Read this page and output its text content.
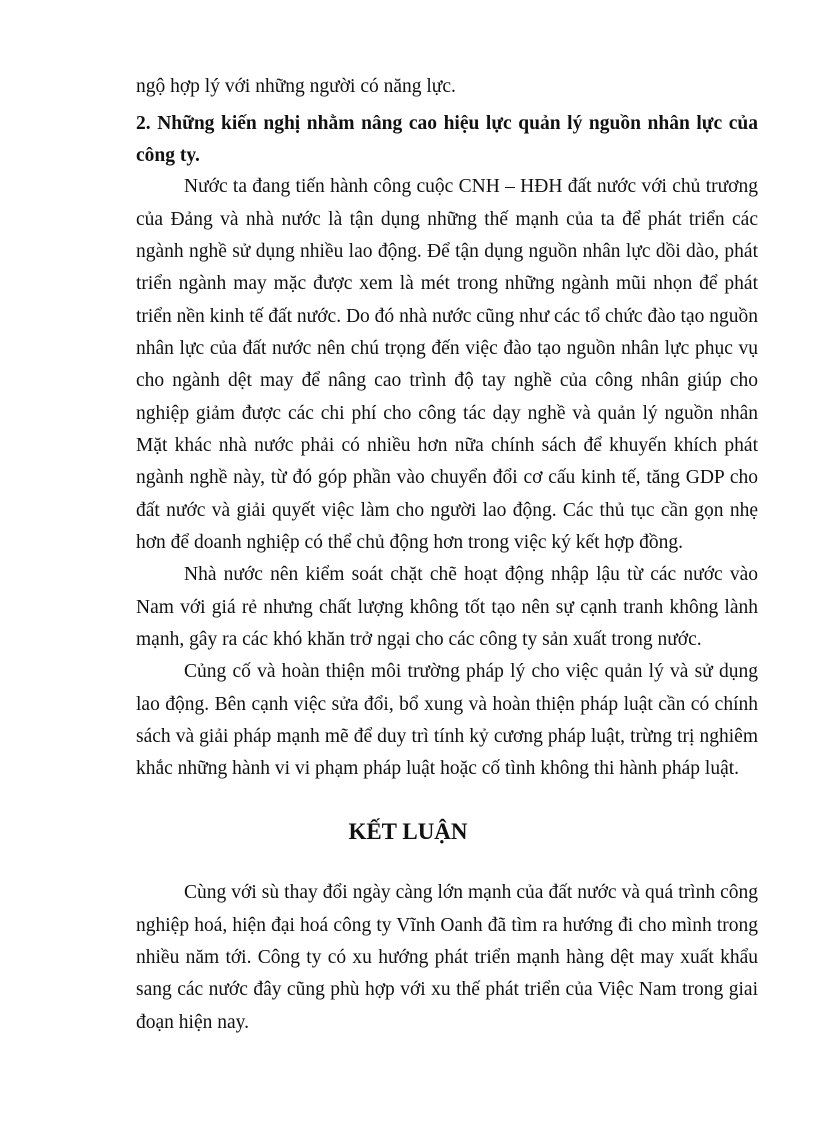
ngộ hợp lý với những người có năng lực.
2. Những kiến nghị nhằm nâng cao hiệu lực quản lý nguồn nhân lực của
công ty.
Nước ta đang tiến hành công cuộc CNH – HĐH đất nước với chủ trương
của Đảng và nhà nước là tận dụng những thế mạnh của ta để phát triển các
ngành nghề sử dụng nhiều lao động. Để tận dụng nguồn nhân lực dồi dào, phát
triển ngành may mặc được xem là mét trong những ngành mũi nhọn để phát
triển nền kinh tế đất nước. Do đó nhà nước cũng như các tổ chức đào tạo nguồn
nhân lực của đất nước nên chú trọng đến việc đào tạo nguồn nhân lực phục vụ
cho ngành dệt may để nâng cao trình độ tay nghề của công nhân giúp cho
nghiệp giảm được các chi phí cho công tác dạy nghề và quản lý nguồn nhân
Mặt khác nhà nước phải có nhiều hơn nữa chính sách để khuyến khích phát
ngành nghề này, từ đó góp phần vào chuyển đổi cơ cấu kinh tế, tăng GDP cho
đất nước và giải quyết việc làm cho người lao động. Các thủ tục cần gọn nhẹ
hơn để doanh nghiệp có thể chủ động hơn trong việc ký kết hợp đồng.
Nhà nước nên kiểm soát chặt chẽ hoạt động nhập lậu từ các nước vào
Nam với giá rẻ nhưng chất lượng không tốt tạo nên sự cạnh tranh không lành
mạnh, gây ra các khó khăn trở ngại cho các công ty sản xuất trong nước.
Củng cố và hoàn thiện môi trường pháp lý cho việc quản lý và sử dụng
lao động. Bên cạnh việc sửa đổi, bổ xung và hoàn thiện pháp luật cần có chính
sách và giải pháp mạnh mẽ để duy trì tính kỷ cương pháp luật, trừng trị nghiêm
khắc những hành vi vi phạm pháp luật hoặc cố tình không thi hành pháp luật.
KẾT LUẬN
Cùng với sù thay đổi ngày càng lớn mạnh của đất nước và quá trình công
nghiệp hoá, hiện đại hoá công ty Vĩnh Oanh đã tìm ra hướng đi cho mình trong
nhiều năm tới. Công ty có xu hướng phát triển mạnh hàng dệt may xuất khẩu
sang các nước đây cũng phù hợp với xu thế phát triển của Việc Nam trong giai
đoạn hiện nay.
